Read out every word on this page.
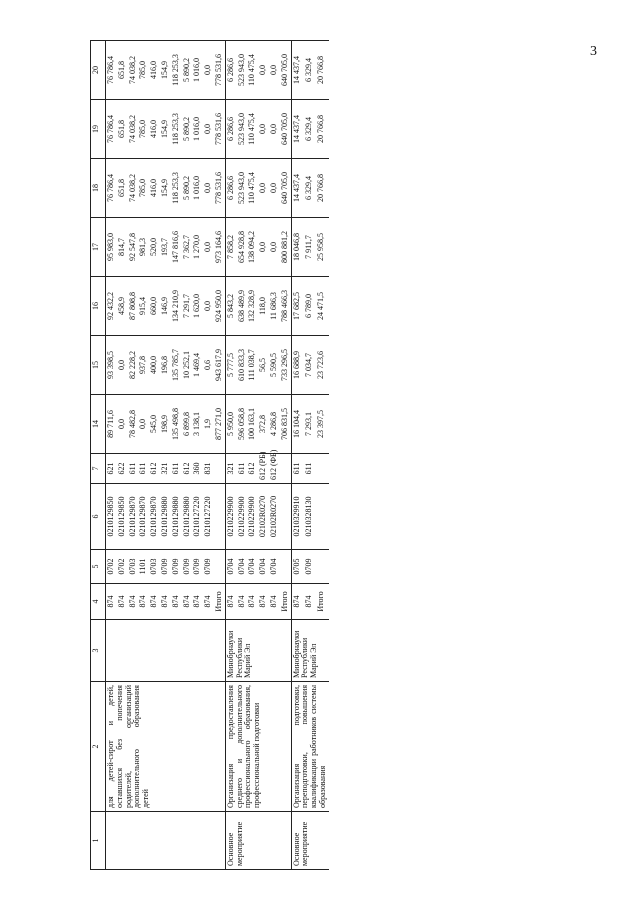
3
1	2	3	4	5	6	7	14	15	16	17	18	19	20
	для детей-сирот и детей, оставшихся без попечения родителей, организаций дополнительного образования детей		874	0702	0210129850	621	89 711,6	93 398,5	92 432,2	95 983,0	76 786,4	76 786,4	76 786,4
			874	0702	0210129850	622	0,0	0,0	458,9	814,7	651,8	651,8	651,8
			874	0703	0210129870	611	78 482,8	82 228,2	87 808,8	92 547,8	74 038,2	74 038,2	74 038,2
			874	1101	0210129870	611	0,0	937,8	915,4	981,3	785,0	785,0	785,0
			874	0703	0210129870	612	545,0	400,0	660,0	520,0	416,0	416,0	416,0
			874	0709	0210129880	321	198,9	196,8	146,9	193,7	154,9	154,9	154,9
			874	0709	0210129880	611	135 498,8	135 785,7	134 210,9	147 816,6	118 253,3	118 253,3	118 253,3
			874	0709	0210129880	612	6 899,8	10 252,1	7 291,7	7 362,7	5 890,2	5 890,2	5 890,2
			874	0709	0210127220	360	3 138,1	1 469,4	1 620,0	1 270,0	1 016,0	1 016,0	1 016,0
			874	0709	0210127220	831	1,9	0,6	0,0	0,0	0,0	0,0	0,0
			Итого				877 271,0	943 617,9	924 950,0	973 164,6	778 531,6	778 531,6	778 531,6
Основное мероприятие	Организация предоставления среднего и дополнительного профессионального образования, профессиональной подготовки	Минобрнауки Республики Марий Эл	874	0704	0210229900	321	5 950,0	5 777,5	5 843,2	7 858,2	6 286,6	6 286,6	6 286,6
			874	0704	0210229900	611	596 058,8	610 833,3	638 489,9	654 928,8	523 943,0	523 943,0	523 943,0
			874	0704	0210229900	612	100 163,1	111 038,7	132 328,9	138 094,2	110 475,4	110 475,4	110 475,4
			874	0704	02102R0270	612 (РБ)	372,8	56,5	118,0	0,0	0,0	0,0	0,0
			874	0704	02102R0270	612 (ФБ)	4 286,8	5 590,5	11 686,3	0,0	0,0	0,0	0,0
			Итого				706 831,5	733 296,5	788 466,3	800 881,2	640 705,0	640 705,0	640 705,0
Основное мероприятие	Организация подготовки, переподготовки, повышения квалификации работников системы образования	Минобрнауки Республики Марий Эл	874	0705	0210329910	611	16 104,4	16 688,9	17 682,5	18 046,8	14 437,4	14 437,4	14 437,4
			874	0709	0210328130	611	7 293,1	7 034,7	6 789,0	7 911,7	6 329,4	6 329,4	6 329,4
			Итого				23 397,5	23 723,6	24 471,5	25 958,5	20 766,8	20 766,8	20 766,8
